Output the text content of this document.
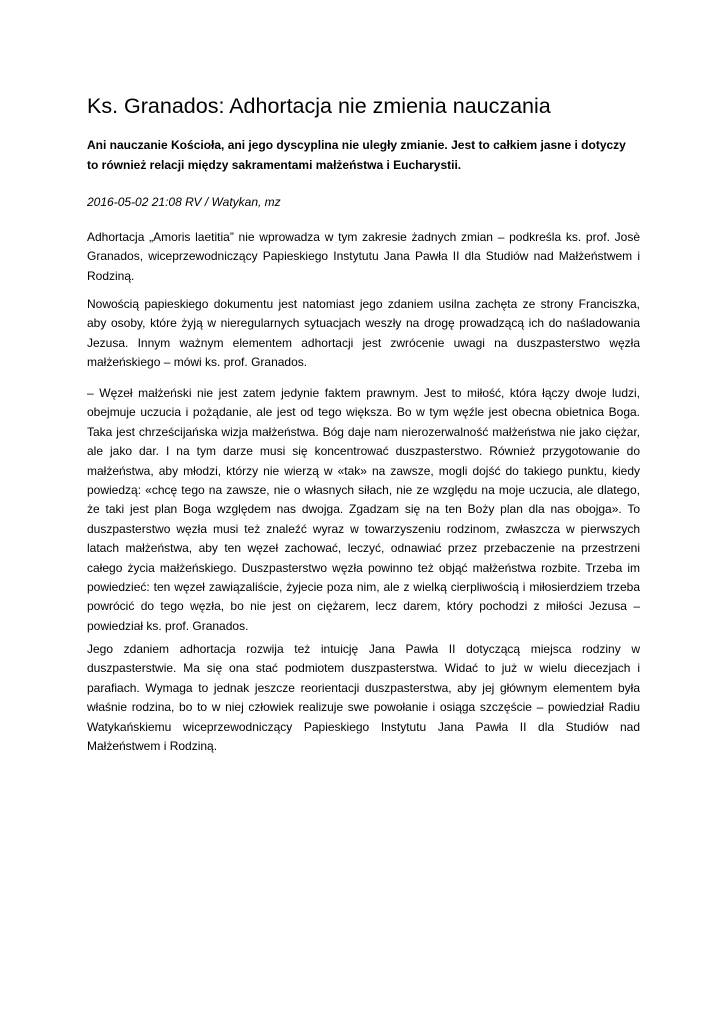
Ks. Granados: Adhortacja nie zmienia nauczania

Ani nauczanie Kościoła, ani jego dyscyplina nie uległy zmianie. Jest to całkiem jasne i dotyczy to również relacji między sakramentami małżeństwa i Eucharystii.

2016-05-02 21:08 RV / Watykan, mz

Adhortacja „Amoris laetitia” nie wprowadza w tym zakresie żadnych zmian – podkreśla ks. prof. Josè Granados, wiceprzewodniczący Papieskiego Instytutu Jana Pawła II dla Studiów nad Małżeństwem i Rodziną.

Nowością papieskiego dokumentu jest natomiast jego zdaniem usilna zachęta ze strony Franciszka, aby osoby, które żyją w nieregularnych sytuacjach weszły na drogę prowadzącą ich do naśladowania Jezusa. Innym ważnym elementem adhortacji jest zwrócenie uwagi na duszpasterstwo węzła małżeńskiego – mówi ks. prof. Granados.

– Węzeł małżeński nie jest zatem jedynie faktem prawnym. Jest to miłość, która łączy dwoje ludzi, obejmuje uczucia i pożądanie, ale jest od tego większa. Bo w tym węźle jest obecna obietnica Boga. Taka jest chrześcijańska wizja małżeństwa. Bóg daje nam nierozerwalność małżeństwa nie jako ciężar, ale jako dar. I na tym darze musi się koncentrować duszpasterstwo. Również przygotowanie do małżeństwa, aby młodzi, którzy nie wierzą w «tak» na zawsze, mogli dojść do takiego punktu, kiedy powiedzą: «chcę tego na zawsze, nie o własnych siłach, nie ze względu na moje uczucia, ale dlatego, że taki jest plan Boga względem nas dwojga. Zgadzam się na ten Boży plan dla nas obojga». To duszpasterstwo węzła musi też znaleźć wyraz w towarzyszeniu rodzinom, zwłaszcza w pierwszych latach małżeństwa, aby ten węzeł zachować, leczyć, odnawiać przez przebaczenie na przestrzeni całego życia małżeńskiego. Duszpasterstwo węzła powinno też objąć małżeństwa rozbite. Trzeba im powiedzieć: ten węzeł zawiązaliście, żyjecie poza nim, ale z wielką cierpliwością i miłosierdziem trzeba powrócić do tego węzła, bo nie jest on ciężarem, lecz darem, który pochodzi z miłości Jezusa – powiedział ks. prof. Granados.

Jego zdaniem adhortacja rozwija też intuicję Jana Pawła II dotyczącą miejsca rodziny w duszpasterstwie. Ma się ona stać podmiotem duszpasterstwa. Widać to już w wielu diecezjach i parafiach. Wymaga to jednak jeszcze reorientacji duszpasterstwa, aby jej głównym elementem była właśnie rodzina, bo to w niej człowiek realizuje swe powołanie i osiąga szczęście – powiedział Radiu Watykańskiemu wiceprzewodniczący Papieskiego Instytutu Jana Pawła II dla Studiów nad Małżeństwem i Rodziną.
